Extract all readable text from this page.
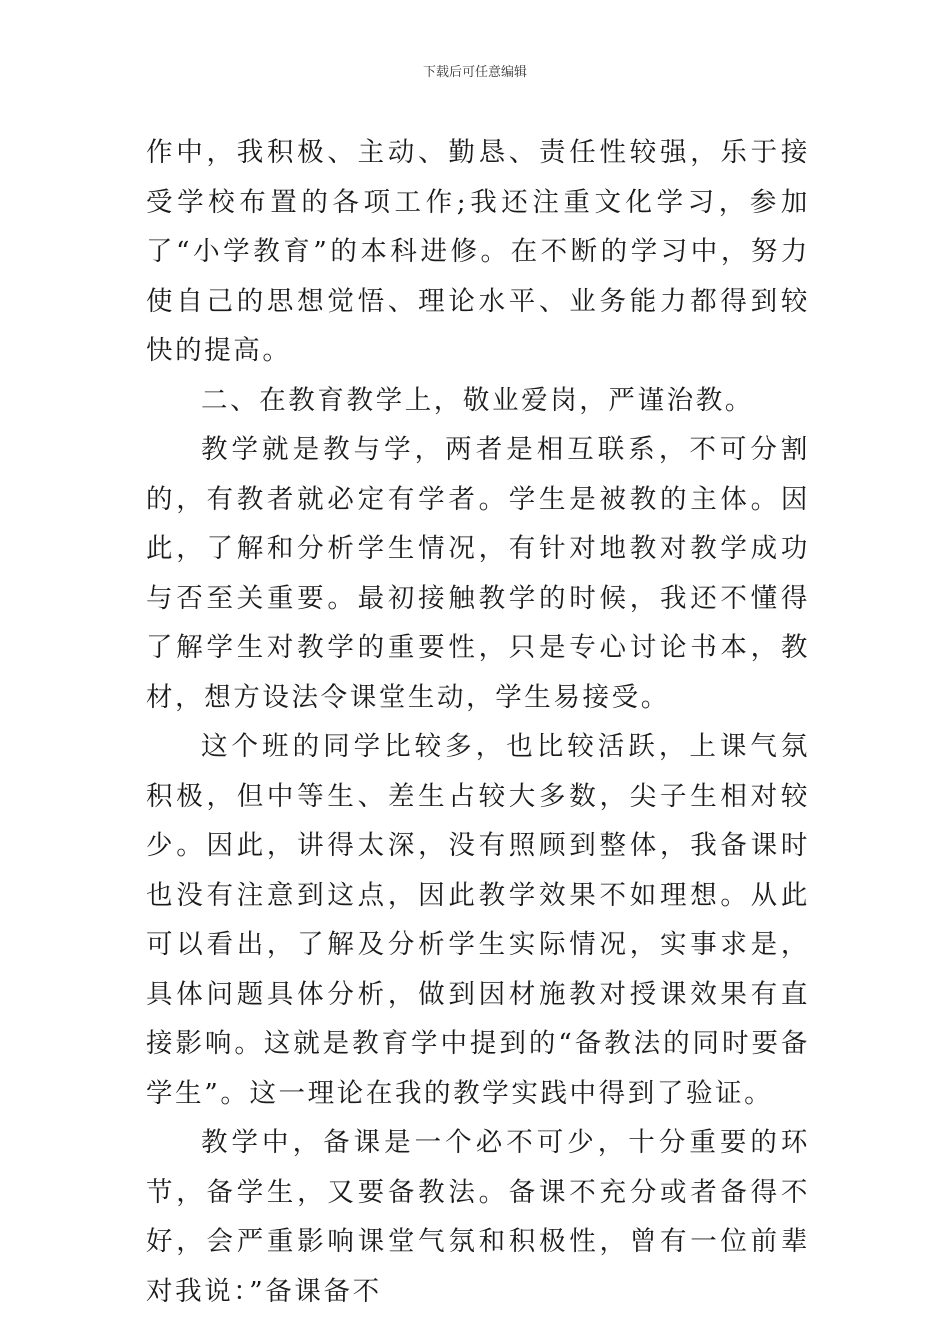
下载后可任意编辑

作中，我积极、主动、勤恳、责任性较强，乐于接受学校布置的各项工作;我还注重文化学习，参加了“小学教育”的本科进修。在不断的学习中，努力使自己的思想觉悟、理论水平、业务能力都得到较快的提高。

二、在教育教学上，敬业爱岗，严谨治教。

教学就是教与学，两者是相互联系，不可分割的，有教者就必定有学者。学生是被教的主体。因此，了解和分析学生情况，有针对地教对教学成功与否至关重要。最初接触教学的时候，我还不懂得了解学生对教学的重要性，只是专心讨论书本，教材，想方设法令课堂生动，学生易接受。

这个班的同学比较多，也比较活跃，上课气氛积极，但中等生、差生占较大多数，尖子生相对较少。因此，讲得太深，没有照顾到整体，我备课时也没有注意到这点，因此教学效果不如理想。从此可以看出，了解及分析学生实际情况，实事求是，具体问题具体分析，做到因材施教对授课效果有直接影响。这就是教育学中提到的“备教法的同时要备学生”。这一理论在我的教学实践中得到了验证。

教学中，备课是一个必不可少，十分重要的环节，备学生，又要备教法。备课不充分或者备得不好，会严重影响课堂气氛和积极性，曾有一位前辈对我说：”备课备不
